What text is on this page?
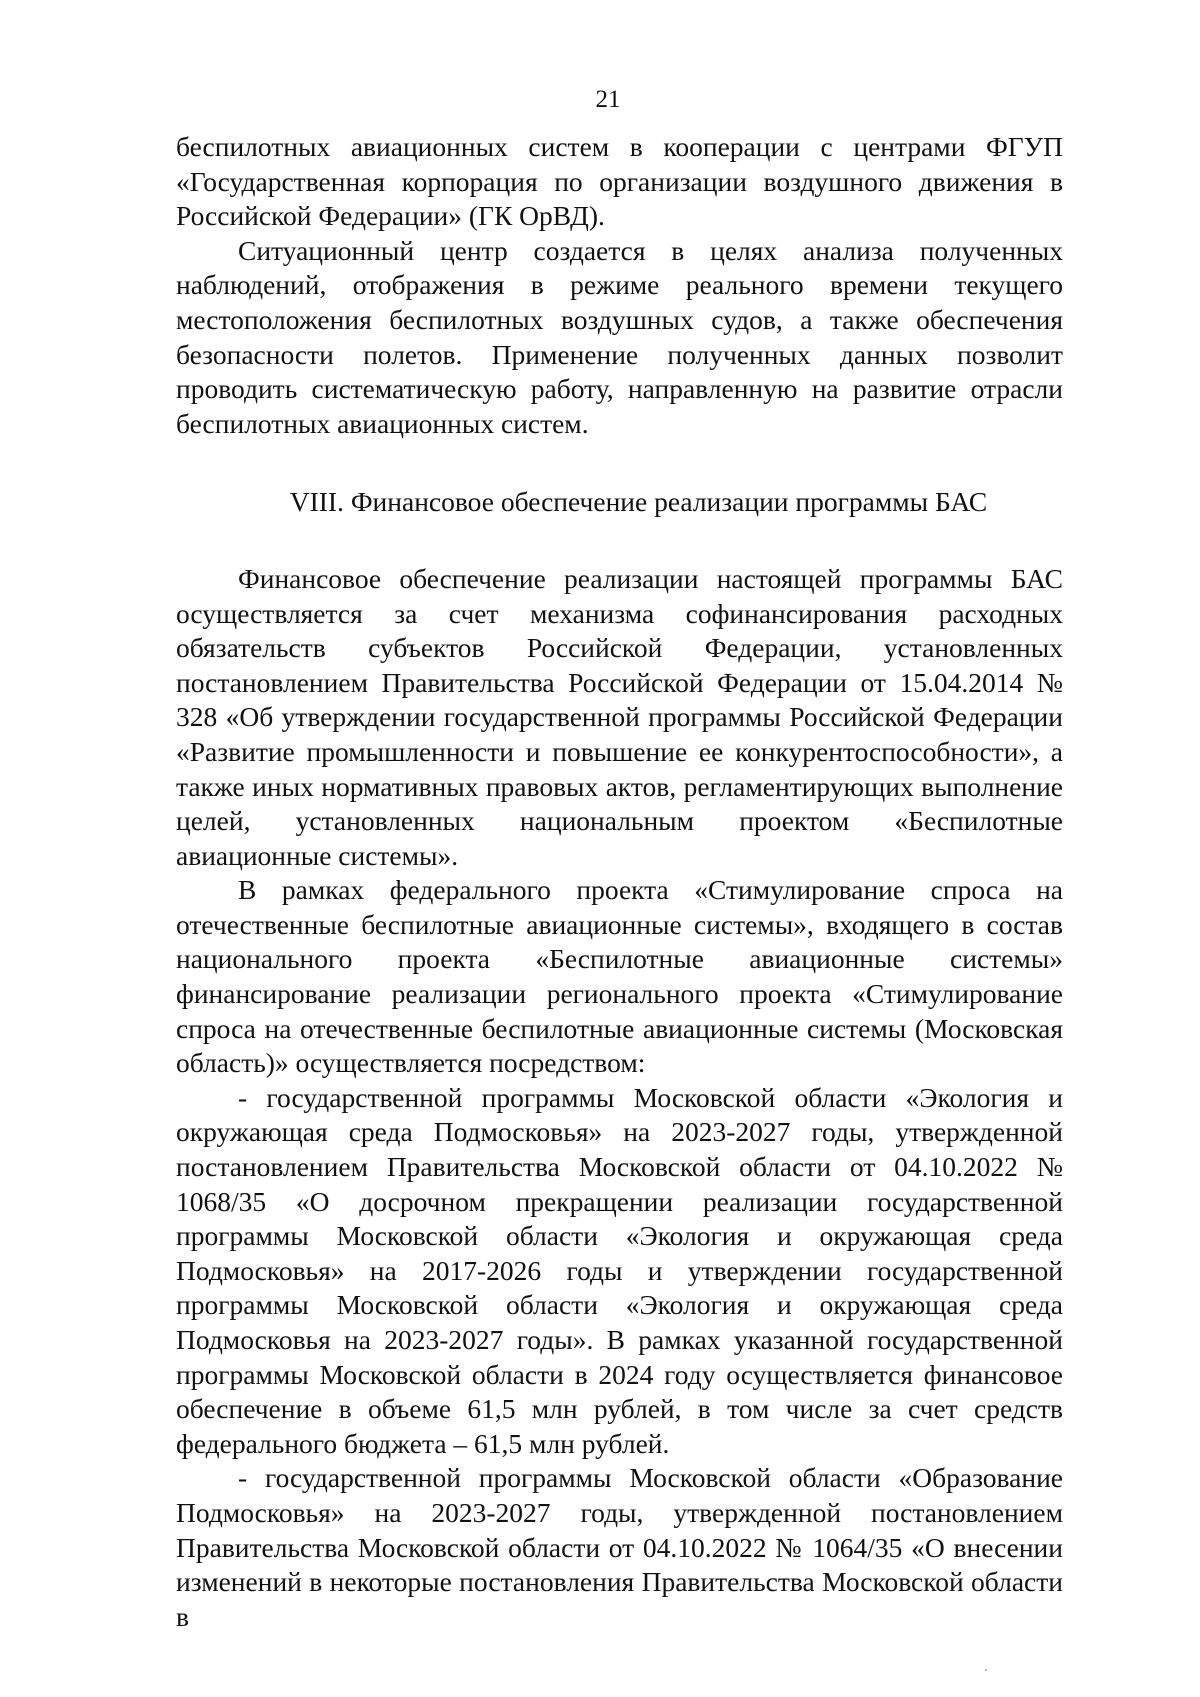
21

беспилотных авиационных систем в кооперации с центрами ФГУП «Государственная корпорация по организации воздушного движения в Российской Федерации» (ГК ОрВД).

Ситуационный центр создается в целях анализа полученных наблюдений, отображения в режиме реального времени текущего местоположения беспилотных воздушных судов, а также обеспечения безопасности полетов. Применение полученных данных позволит проводить систематическую работу, направленную на развитие отрасли беспилотных авиационных систем.

VIII. Финансовое обеспечение реализации программы БАС

Финансовое обеспечение реализации настоящей программы БАС осуществляется за счет механизма софинансирования расходных обязательств субъектов Российской Федерации, установленных постановлением Правительства Российской Федерации от 15.04.2014 № 328 «Об утверждении государственной программы Российской Федерации «Развитие промышленности и повышение ее конкурентоспособности», а также иных нормативных правовых актов, регламентирующих выполнение целей, установленных национальным проектом «Беспилотные авиационные системы».

В рамках федерального проекта «Стимулирование спроса на отечественные беспилотные авиационные системы», входящего в состав национального проекта «Беспилотные авиационные системы» финансирование реализации регионального проекта «Стимулирование спроса на отечественные беспилотные авиационные системы (Московская область)» осуществляется посредством:

- государственной программы Московской области «Экология и окружающая среда Подмосковья» на 2023-2027 годы, утвержденной постановлением Правительства Московской области от 04.10.2022 № 1068/35 «О досрочном прекращении реализации государственной программы Московской области «Экология и окружающая среда Подмосковья» на 2017-2026 годы и утверждении государственной программы Московской области «Экология и окружающая среда Подмосковья на 2023-2027 годы». В рамках указанной государственной программы Московской области в 2024 году осуществляется финансовое обеспечение в объеме 61,5 млн рублей, в том числе за счет средств федерального бюджета – 61,5 млн рублей.

- государственной программы Московской области «Образование Подмосковья» на 2023-2027 годы, утвержденной постановлением Правительства Московской области от 04.10.2022 № 1064/35 «О внесении изменений в некоторые постановления Правительства Московской области в
